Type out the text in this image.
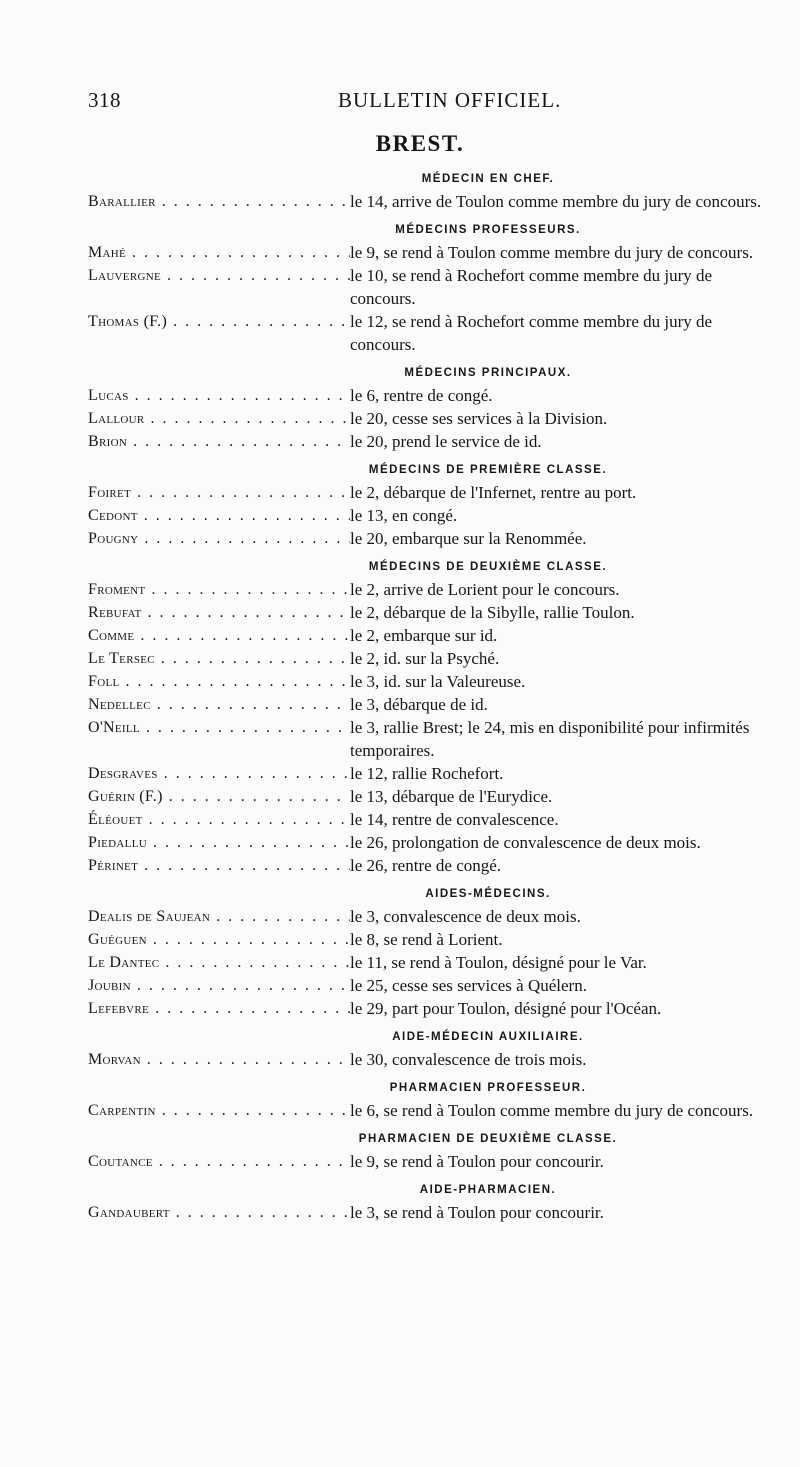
318	BULLETIN OFFICIEL.
BREST.
MÉDECIN EN CHEF.
Barallier . . .	le 14, arrive de Toulon comme membre du jury de concours.
MÉDECINS PROFESSEURS.
Mahé . . .	le 9, se rend à Toulon comme membre du jury de concours.
Lauvergne . . .	le 10, se rend à Rochefort comme membre du jury de concours.
Thomas (F.) . . .	le 12, se rend à Rochefort comme membre du jury de concours.
MÉDECINS PRINCIPAUX.
Lucas . . .	le 6, rentre de congé.
Lallour . . .	le 20, cesse ses services à la Division.
Brion . . .	le 20, prend le service de id.
MÉDECINS DE PREMIÈRE CLASSE.
Foiret . . .	le 2, débarque de l'Infernet, rentre au port.
Cedont . . .	le 13, en congé.
Pougny . . .	le 20, embarque sur la Renommée.
MÉDECINS DE DEUXIÈME CLASSE.
Froment . . .	le 2, arrive de Lorient pour le concours.
Rebufat . . .	le 2, débarque de la Sibylle, rallie Toulon.
Comme . . .	le 2, embarque sur id.
Le Tersec . . .	le 2, id. sur la Psyché.
Foll . . .	le 3, id. sur la Valeureuse.
Nedellec . . .	le 3, débarque de id.
O'Neill . . .	le 3, rallie Brest; le 24, mis en disponibilité pour infirmités temporaires.
Desgraves . . .	le 12, rallie Rochefort.
Guérin (F.) . . .	le 13, débarque de l'Eurydice.
Éléouet . . .	le 14, rentre de convalescence.
Piedallu . . .	le 26, prolongation de convalescence de deux mois.
Périnet . . .	le 26, rentre de congé.
AIDES-MÉDECINS.
Dealis de Saujean . . .	le 3, convalescence de deux mois.
Guéguen . . .	le 8, se rend à Lorient.
Le Dantec . . .	le 11, se rend à Toulon, désigné pour le Var.
Joubin . . .	le 25, cesse ses services à Quélern.
Lefebvre . . .	le 29, part pour Toulon, désigné pour l'Océan.
AIDE-MÉDECIN AUXILIAIRE.
Morvan . . .	le 30, convalescence de trois mois.
PHARMACIEN PROFESSEUR.
Carpentin . . .	le 6, se rend à Toulon comme membre du jury de concours.
PHARMACIEN DE DEUXIÈME CLASSE.
Coutance . . .	le 9, se rend à Toulon pour concourir.
AIDE-PHARMACIEN.
Gandaubert . . .	le 3, se rend à Toulon pour concourir.
